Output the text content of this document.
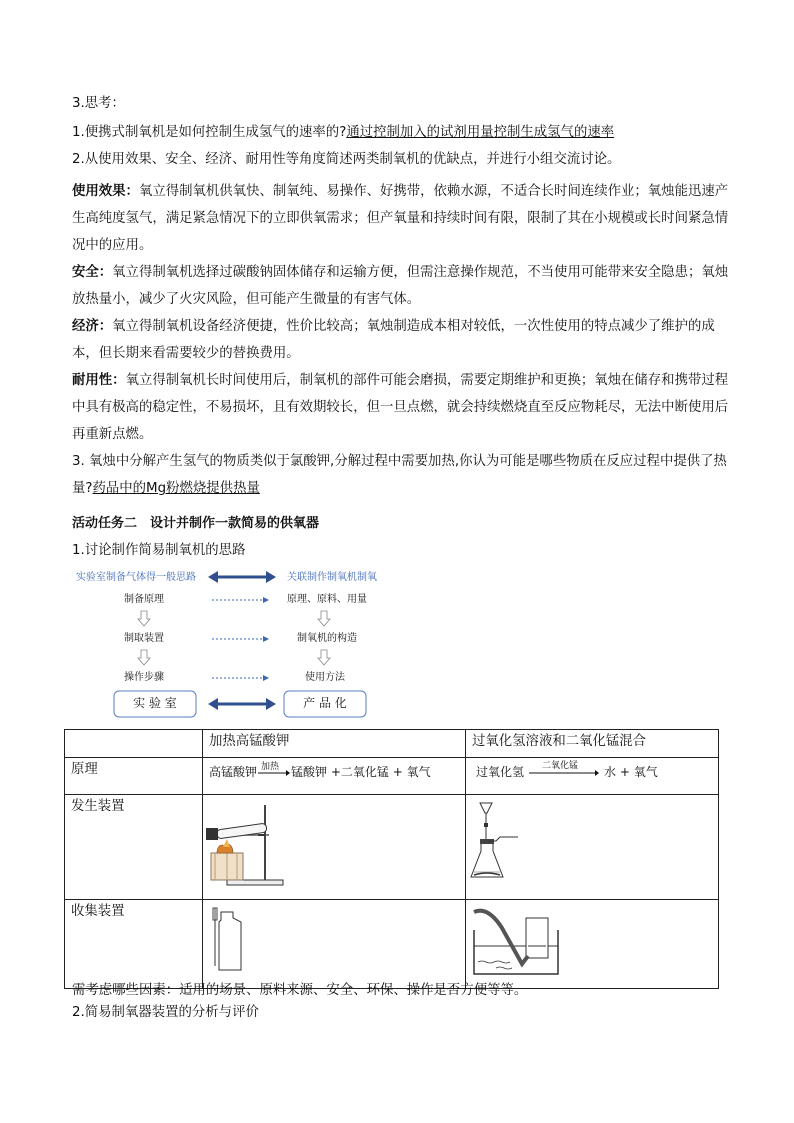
3.思考：

1.便携式制氧机是如何控制生成氢气的速率的?通过控制加入的试剂用量控制生成氢气的速率

2.从使用效果、安全、经济、耐用性等角度简述两类制氧机的优缺点，并进行小组交流讨论。

使用效果：氧立得制氧机供氧快、制氧纯、易操作、好携带，依赖水源，不适合长时间连续作业；氧烛能迅速产生高纯度氢气，满足紧急情况下的立即供氧需求；但产氧量和持续时间有限，限制了其在小规模或长时间紧急情况中的应用。

安全：氧立得制氧机选择过碳酸钠固体储存和运输方便，但需注意操作规范，不当使用可能带来安全隐患；氧烛放热量小，减少了火灾风险，但可能产生微量的有害气体。

经济：氧立得制氧机设备经济便捷，性价比较高；氧烛制造成本相对较低，一次性使用的特点减少了维护的成本，但长期来看需要较少的替换费用。

耐用性：氧立得制氧机长时间使用后，制氧机的部件可能会磨损，需要定期维护和更换；氧烛在储存和携带过程中具有极高的稳定性，不易损坏，且有效期较长，但一旦点燃，就会持续燃烧直至反应物耗尽，无法中断使用后再重新点燃。

3. 氧烛中分解产生氢气的物质类似于氯酸钾,分解过程中需要加热,你认为可能是哪些物质在反应过程中提供了热量?药品中的Mg粉燃烧提供热量

活动任务二　设计并制作一款简易的供氧器

1.讨论制作简易制氧机的思路

实验室制备气体得一般思路	关联制作制氧机制氧
制备原理
制取装置
操作步骤
原理、原料、用量
制氧机的构造
使用方法
实 验 室	产 品 化
	加热高锰酸钾	过氧化氢溶液和二氧化锰混合
原理	高锰酸钾 加热 锰酸钾 +二氧化锰 + 氧气	过氧化氢 二氧化锰 水 + 氧气

发生装置		
收集装置		

需考虑哪些因素：适用的场景、原料来源、安全、环保、操作是否方便等等。

2.简易制氧器装置的分析与评价
